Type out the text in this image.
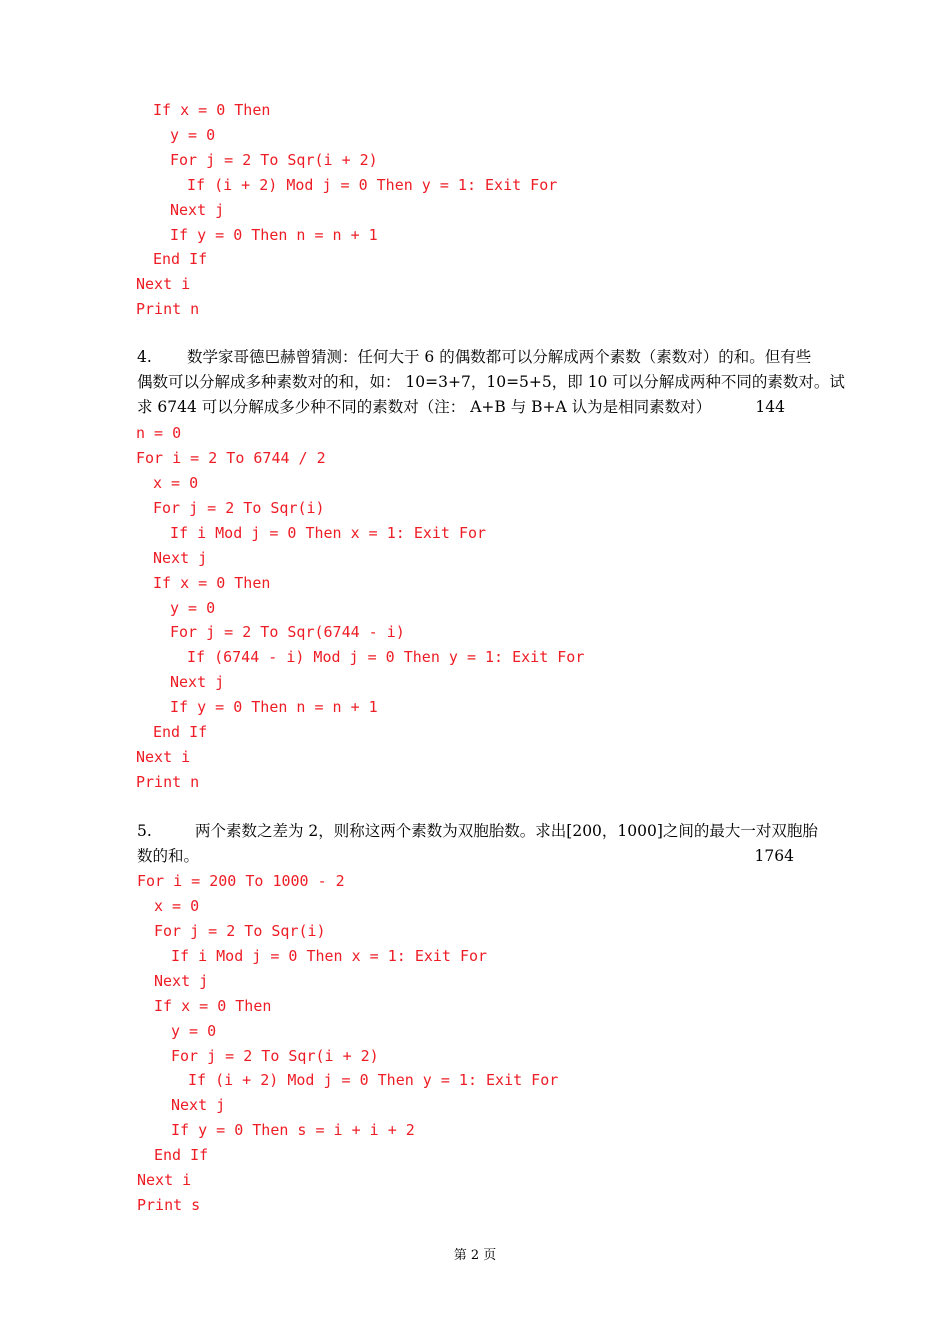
If x = 0 Then
y = 0
For j = 2 To Sqr(i + 2)
If (i + 2) Mod j = 0 Then y = 1: Exit For
Next j
If y = 0 Then n = n + 1
End If
Next i
Print n
4. 数学家哥德巴赫曾猜测：任何大于 6 的偶数都可以分解成两个素数（素数对）的和。但有些
偶数可以分解成多种素数对的和，如： 10=3+7，10=5+5，即 10 可以分解成两种不同的素数对。试
求 6744 可以分解成多少种不同的素数对（注： A+B 与 B+A 认为是相同素数对）	144
n = 0
For i = 2 To 6744 / 2
x = 0
For j = 2 To Sqr(i)
If i Mod j = 0 Then x = 1: Exit For
Next j
If x = 0 Then
y = 0
For j = 2 To Sqr(6744 - i)
If (6744 - i) Mod j = 0 Then y = 1: Exit For
Next j
If y = 0 Then n = n + 1
End If
Next i
Print n
5.	两个素数之差为 2，则称这两个素数为双胞胎数。求出[200，1000]之间的最大一对双胞胎
数的和。	1764
For i = 200 To 1000 - 2
x = 0
For j = 2 To Sqr(i)
If i Mod j = 0 Then x = 1: Exit For
Next j
If x = 0 Then
y = 0
For j = 2 To Sqr(i + 2)
If (i + 2) Mod j = 0 Then y = 1: Exit For
Next j
If y = 0 Then s = i + i + 2
End If
Next i
Print s
第 2 页
